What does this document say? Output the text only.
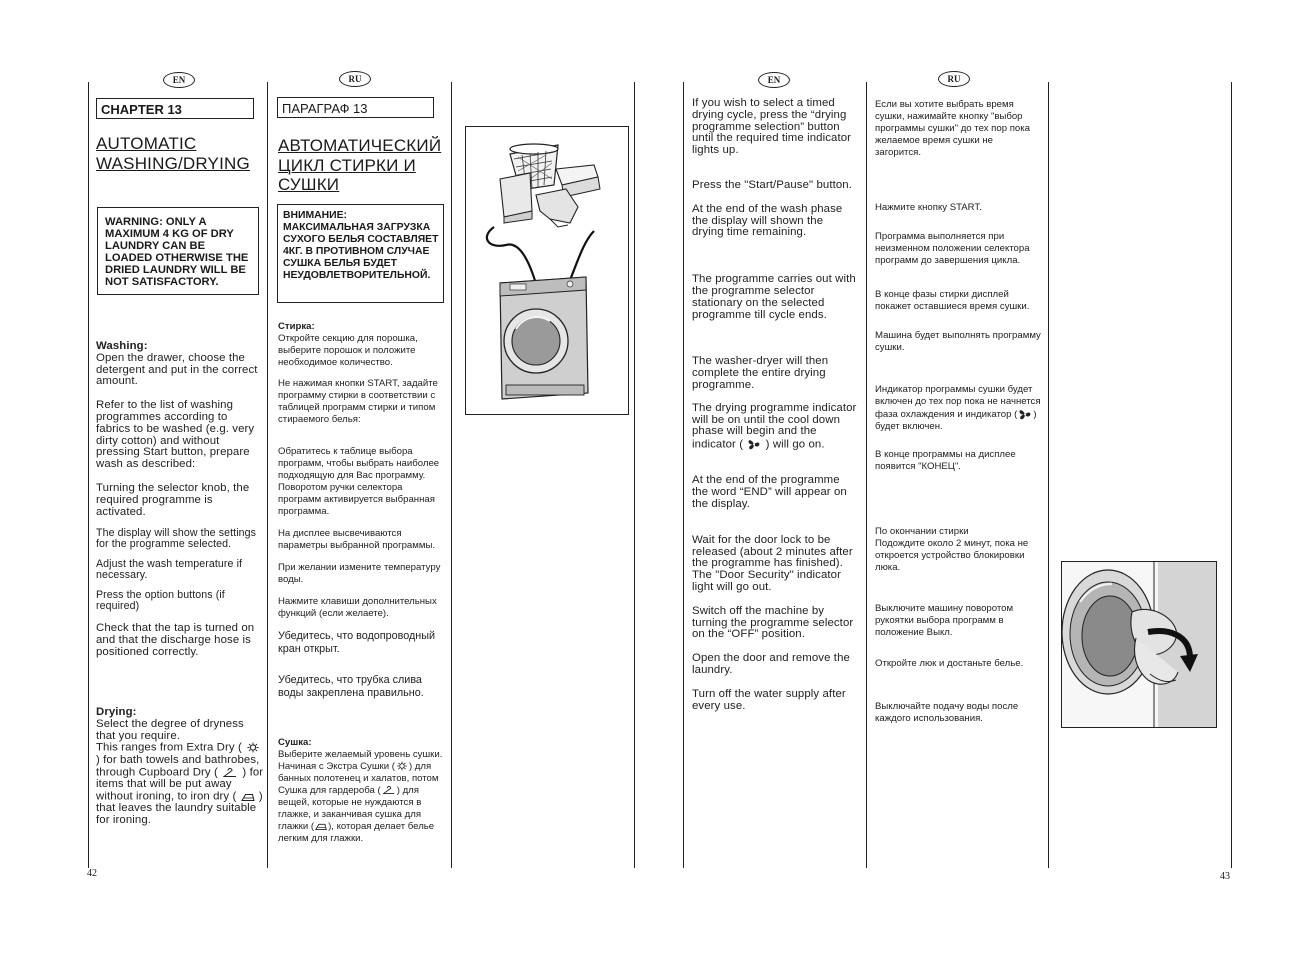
EN	RU	EN	RU
CHAPTER 13
AUTOMATIC WASHING/DRYING
WARNING: ONLY A MAXIMUM 4 KG OF DRY LAUNDRY CAN BE LOADED OTHERWISE THE DRIED LAUNDRY WILL BE NOT SATISFACTORY.
Washing:
Open the drawer, choose the detergent and put in the correct amount.
Refer to the list of washing programmes according to fabrics to be washed (e.g. very dirty cotton) and without pressing Start button, prepare wash as described:
Turning the selector knob, the required programme is activated.
The display will show the settings for the programme selected.
Adjust the wash temperature if necessary.
Press the option buttons (if required)
Check that the tap is turned on and that the discharge hose is positioned correctly.
Drying:
Select the degree of dryness that you require.
This ranges from Extra Dry (  ) for bath towels and bathrobes, through Cupboard Dry (  ) for items that will be put away without ironing, to iron dry (  ) that leaves the laundry suitable for ironing.
42
ПАРАГРАФ 13
АВТОМАТИЧЕСКИЙ ЦИКЛ СТИРКИ И СУШКИ
ВНИМАНИЕ: МАКСИМАЛЬНАЯ ЗАГРУЗКА СУХОГО БЕЛЬЯ СОСТАВЛЯЕТ 4КГ. В ПРОТИВНОМ СЛУЧАЕ СУШКА БЕЛЬЯ БУДЕТ НЕУДОВЛЕТВОРИТЕЛЬНОЙ.
Стирка:
Откройте секцию для порошка, выберите порошок и положите необходимое количество.
Не нажимая кнопки START, задайте программу стирки в соответствии с таблицей программ стирки и типом стираемого белья:
Обратитесь к таблице выбора программ, чтобы выбрать наиболее подходящую для Вас программу. Поворотом ручки селектора программ активируется выбранная программа.
На дисплее высвечиваются параметры выбранной программы.
При желании измените температуру воды.
Нажмите клавиши дополнительных функций (если желаете).
Убедитесь, что водопроводный кран открыт.
Убедитесь, что трубка слива воды закреплена правильно.
Сушка:
Выберите желаемый уровень сушки.
Начиная с Экстра Сушки ( ) для банных полотенец и халатов, потом Сушка для гардероба ( ) для вещей, которые не нуждаются в глажке, и заканчивая сушка для глажки ( ), которая делает белье легким для глажки.
If you wish to select a timed drying cycle, press the “drying programme selection” button until the required time indicator lights up.
Press the "Start/Pause" button.
At the end of the wash phase the display will shown the drying time remaining.
The programme carries out with the programme selector stationary on the selected programme till cycle ends.
The washer-dryer will then complete the entire drying programme.
The drying programme indicator will be on until the cool down phase will begin and the indicator (  ) will go on.
At the end of the programme the word “END” will appear on the display.
Wait for the door lock to be released (about 2 minutes after the programme has finished).
The "Door Security" indicator light will go out.
Switch off the machine by turning the programme selector on the “OFF” position.
Open the door and remove the laundry.
Turn off the water supply after every use.
Если вы хотите выбрать время сушки, нажимайте кнопку "выбор программы сушки" до тех пор пока желаемое время сушки не загорится.
Нажмите кнопку START.
Программа выполняется при неизменном положении селектора программ до завершения цикла.
В конце фазы стирки дисплей покажет оставшиеся время сушки.
Машина будет выполнять программу сушки.
Индикатор программы сушки будет включен до тех пор пока не начнется фаза охлаждения и индикатор ( ) будет включен.
В конце программы на дисплее появится "КОНЕЦ".
По окончании стирки
Подождите около 2 минут, пока не откроется устройство блокировки люка.
Выключите машину поворотом рукоятки выбора программ в положение Выкл.
Откройте люк и достаньте белье.
Выключайте подачу воды после каждого использования.
43
